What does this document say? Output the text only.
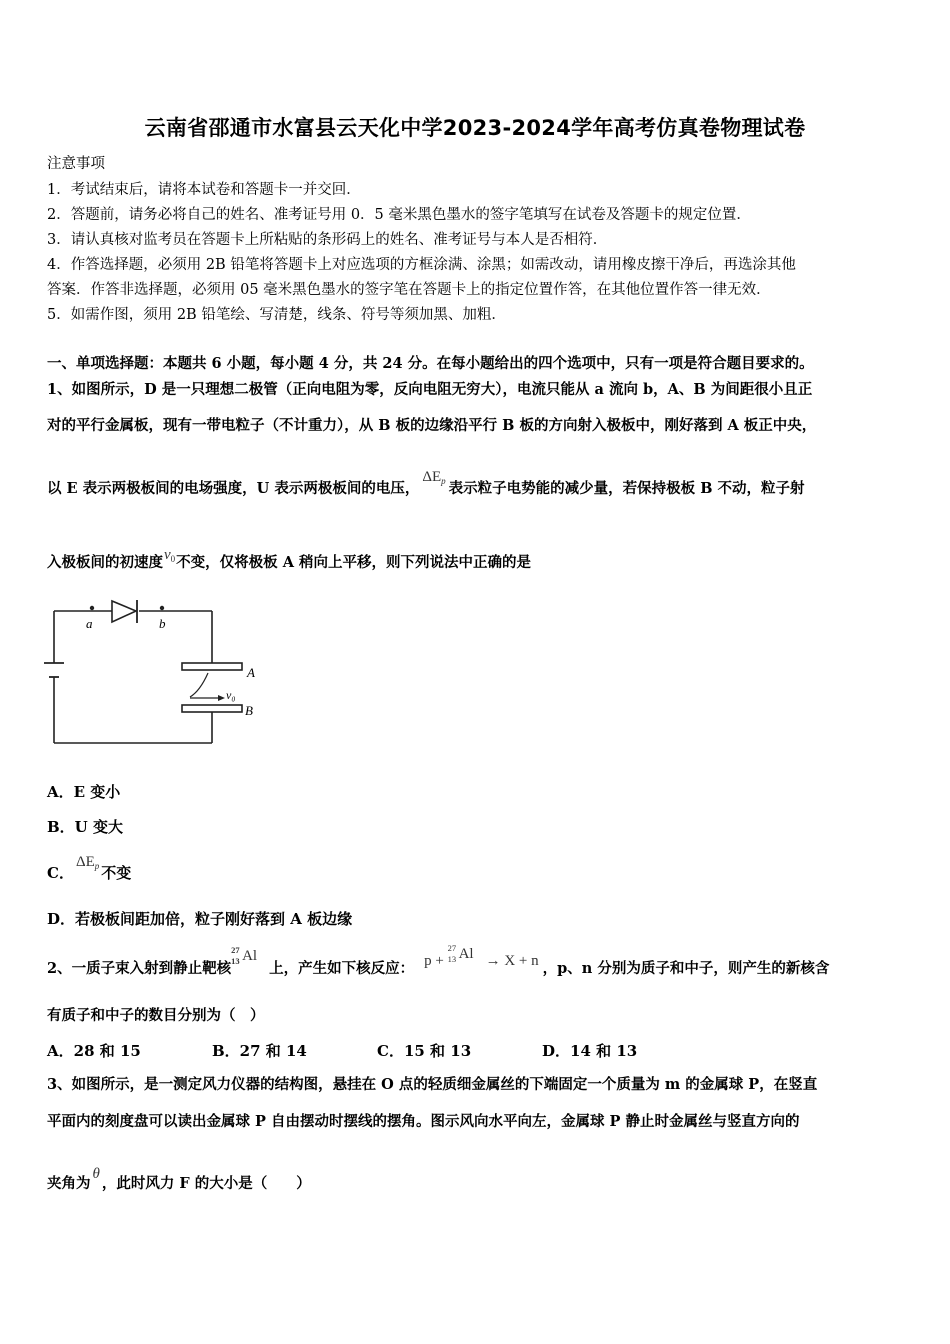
云南省邵通市水富县云天化中学2023-2024学年高考仿真卷物理试卷
注意事项
1．考试结束后，请将本试卷和答题卡一并交回．
2．答题前，请务必将自己的姓名、准考证号用 0．5 毫米黑色墨水的签字笔填写在试卷及答题卡的规定位置．
3．请认真核对监考员在答题卡上所粘贴的条形码上的姓名、准考证号与本人是否相符．
4．作答选择题，必须用 2B 铅笔将答题卡上对应选项的方框涂满、涂黑；如需改动，请用橡皮擦干净后，再选涂其他
答案．作答非选择题，必须用 05 毫米黑色墨水的签字笔在答题卡上的指定位置作答，在其他位置作答一律无效．
5．如需作图，须用 2B 铅笔绘、写清楚，线条、符号等须加黑、加粗．
一、单项选择题：本题共 6 小题，每小题 4 分，共 24 分。在每小题给出的四个选项中，只有一项是符合题目要求的。
1、如图所示，D 是一只理想二极管（正向电阻为零，反向电阻无穷大），电流只能从 a 流向 b，A、B 为间距很小且正
对的平行金属板，现有一带电粒子（不计重力），从 B 板的边缘沿平行 B 板的方向射入极板中，刚好落到 A 板正中央，
以 E 表示两极板间的电场强度，U 表示两极板间的电压，$\Delta E_p$ 表示粒子电势能的减少量，若保持极板 B 不动，粒子射
入极板间的初速度$v_0$不变，仅将极板 A 稍向上平移，则下列说法中正确的是
a	b
A
B
v₀
A．E 变小
B．U 变大
C．$\Delta E_p$ 不变
D．若极板间距加倍，粒子刚好落到 A 板边缘
2、一质子束入射到静止靶核
27
13 Al
上，产生如下核反应： p +
27
13 Al → X + n ，p、n 分别为质子和中子，则产生的新核含
有质子和中子的数目分别为（　）
A．28 和 15	B．27 和 14	C．15 和 13	D．14 和 13
3、如图所示，是一测定风力仪器的结构图，悬挂在 O 点的轻质细金属丝的下端固定一个质量为 m 的金属球 P，在竖直
平面内的刻度盘可以读出金属球 P 自由摆动时摆线的摆角。图示风向水平向左，金属球 P 静止时金属丝与竖直方向的
夹角为θ，此时风力 F 的大小是（　　）
